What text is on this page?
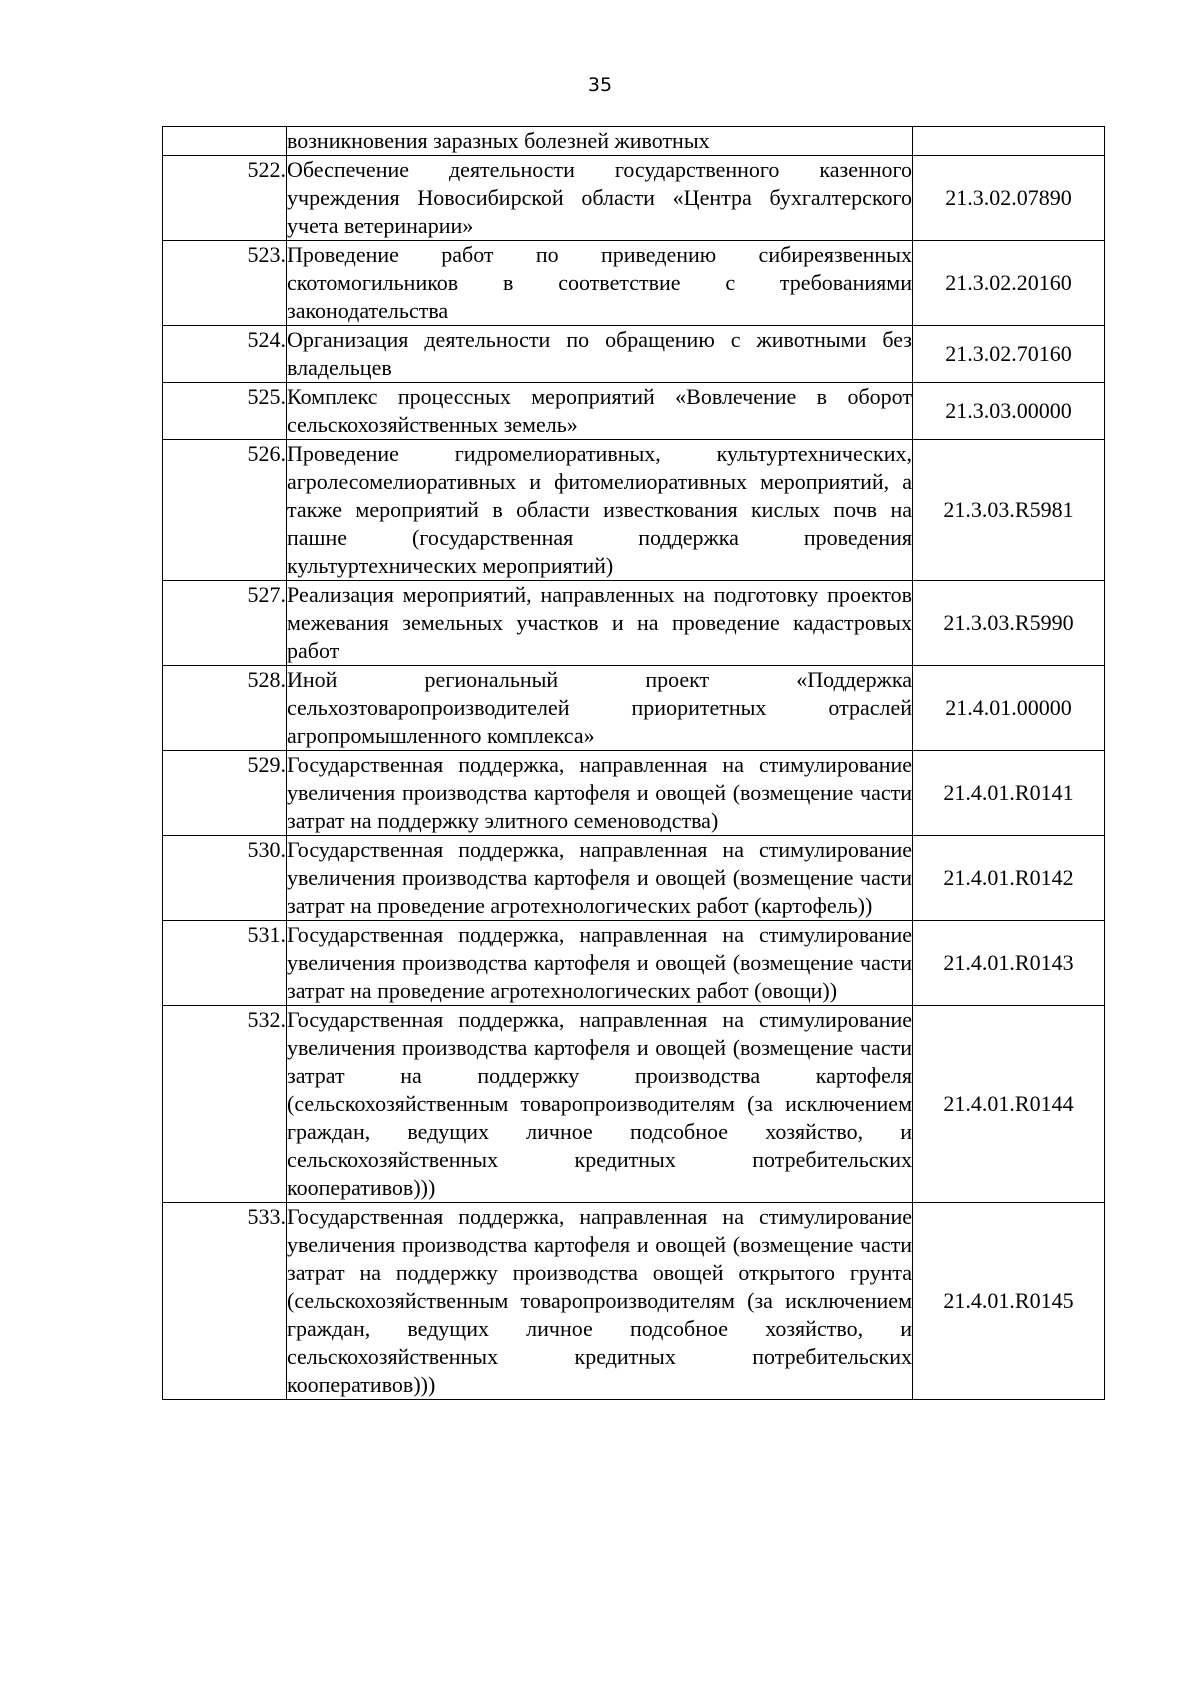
35
	возникновения заразных болезней животных	
522.	Обеспечение деятельности государственного казенного учреждения Новосибирской области «Центра бухгалтерского учета ветеринарии»	21.3.02.07890
523.	Проведение работ по приведению сибиреязвенных скотомогильников в соответствие с требованиями законодательства	21.3.02.20160
524.	Организация деятельности по обращению с животными без владельцев	21.3.02.70160
525.	Комплекс процессных мероприятий «Вовлечение в оборот сельскохозяйственных земель»	21.3.03.00000
526.	Проведение гидромелиоративных, культуртехнических, агролесомелиоративных и фитомелиоративных мероприятий, а также мероприятий в области известкования кислых почв на пашне (государственная поддержка проведения культуртехнических мероприятий)	21.3.03.R5981
527.	Реализация мероприятий, направленных на подготовку проектов межевания земельных участков и на проведение кадастровых работ	21.3.03.R5990
528.	Иной региональный проект «Поддержка сельхозтоваропроизводителей приоритетных отраслей агропромышленного комплекса»	21.4.01.00000
529.	Государственная поддержка, направленная на стимулирование увеличения производства картофеля и овощей (возмещение части затрат на поддержку элитного семеноводства)	21.4.01.R0141
530.	Государственная поддержка, направленная на стимулирование увеличения производства картофеля и овощей (возмещение части затрат на проведение агротехнологических работ (картофель))	21.4.01.R0142
531.	Государственная поддержка, направленная на стимулирование увеличения производства картофеля и овощей (возмещение части затрат на проведение агротехнологических работ (овощи))	21.4.01.R0143
532.	Государственная поддержка, направленная на стимулирование увеличения производства картофеля и овощей (возмещение части затрат на поддержку производства картофеля (сельскохозяйственным товаропроизводителям (за исключением граждан, ведущих личное подсобное хозяйство, и сельскохозяйственных кредитных потребительских кооперативов)))	21.4.01.R0144
533.	Государственная поддержка, направленная на стимулирование увеличения производства картофеля и овощей (возмещение части затрат на поддержку производства овощей открытого грунта (сельскохозяйственным товаропроизводителям (за исключением граждан, ведущих личное подсобное хозяйство, и сельскохозяйственных кредитных потребительских кооперативов)))	21.4.01.R0145
